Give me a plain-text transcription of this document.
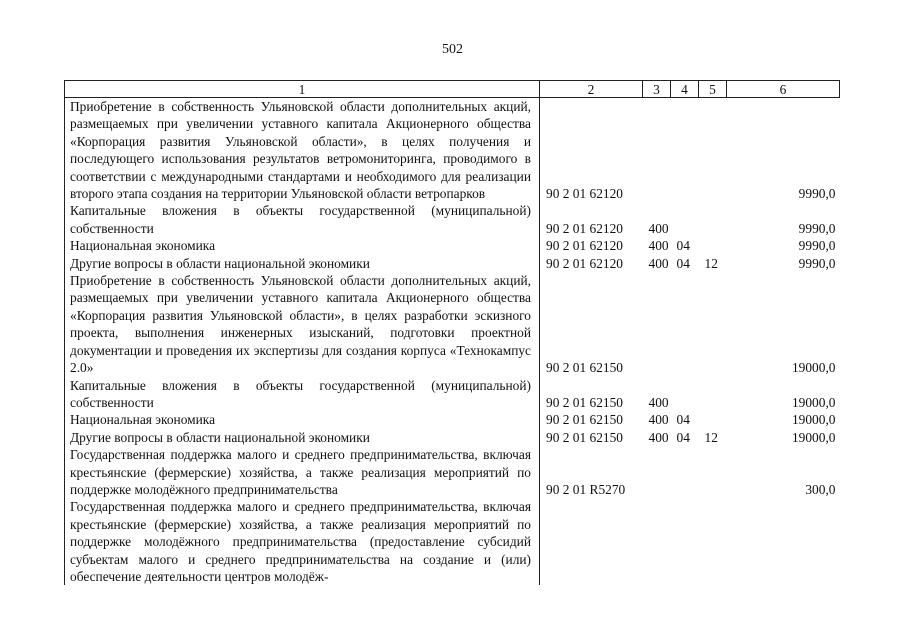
502
1	2	3	4	5	6
Приобретение в собственность Ульяновской области дополнительных акций, размещаемых при увеличении уставного капитала Акционерного общества «Корпорация развития Ульяновской области», в целях получения и последующего использования результатов ветромониторинга, проводимого в соответствии с международными стандартами и необходимого для реализации второго этапа создания на территории Ульяновской области ветропарков	90 2 01 62120				9990,0
Капитальные вложения в объекты государственной (муниципальной) собственности	90 2 01 62120	400			9990,0
Национальная экономика	90 2 01 62120	400	04		9990,0
Другие вопросы в области национальной экономики	90 2 01 62120	400	04	12	9990,0
Приобретение в собственность Ульяновской области дополнительных акций, размещаемых при увеличении уставного капитала Акционерного общества «Корпорация развития Ульяновской области», в целях разработки эскизного проекта, выполнения инженерных изысканий, подготовки проектной документации и проведения их экспертизы для создания корпуса «Технокампус 2.0»	90 2 01 62150				19000,0
Капитальные вложения в объекты государственной (муниципальной) собственности	90 2 01 62150	400			19000,0
Национальная экономика	90 2 01 62150	400	04		19000,0
Другие вопросы в области национальной экономики	90 2 01 62150	400	04	12	19000,0
Государственная поддержка малого и среднего предпринимательства, включая крестьянские (фермерские) хозяйства, а также реализация мероприятий по поддержке молодёжного предпринимательства	90 2 01 R5270				300,0
Государственная поддержка малого и среднего предпринимательства, включая крестьянские (фермерские) хозяйства, а также реализация мероприятий по поддержке молодёжного предпринимательства (предоставление субсидий субъектам малого и среднего предпринимательства на создание и (или) обеспечение деятельности центров молодёж-					
